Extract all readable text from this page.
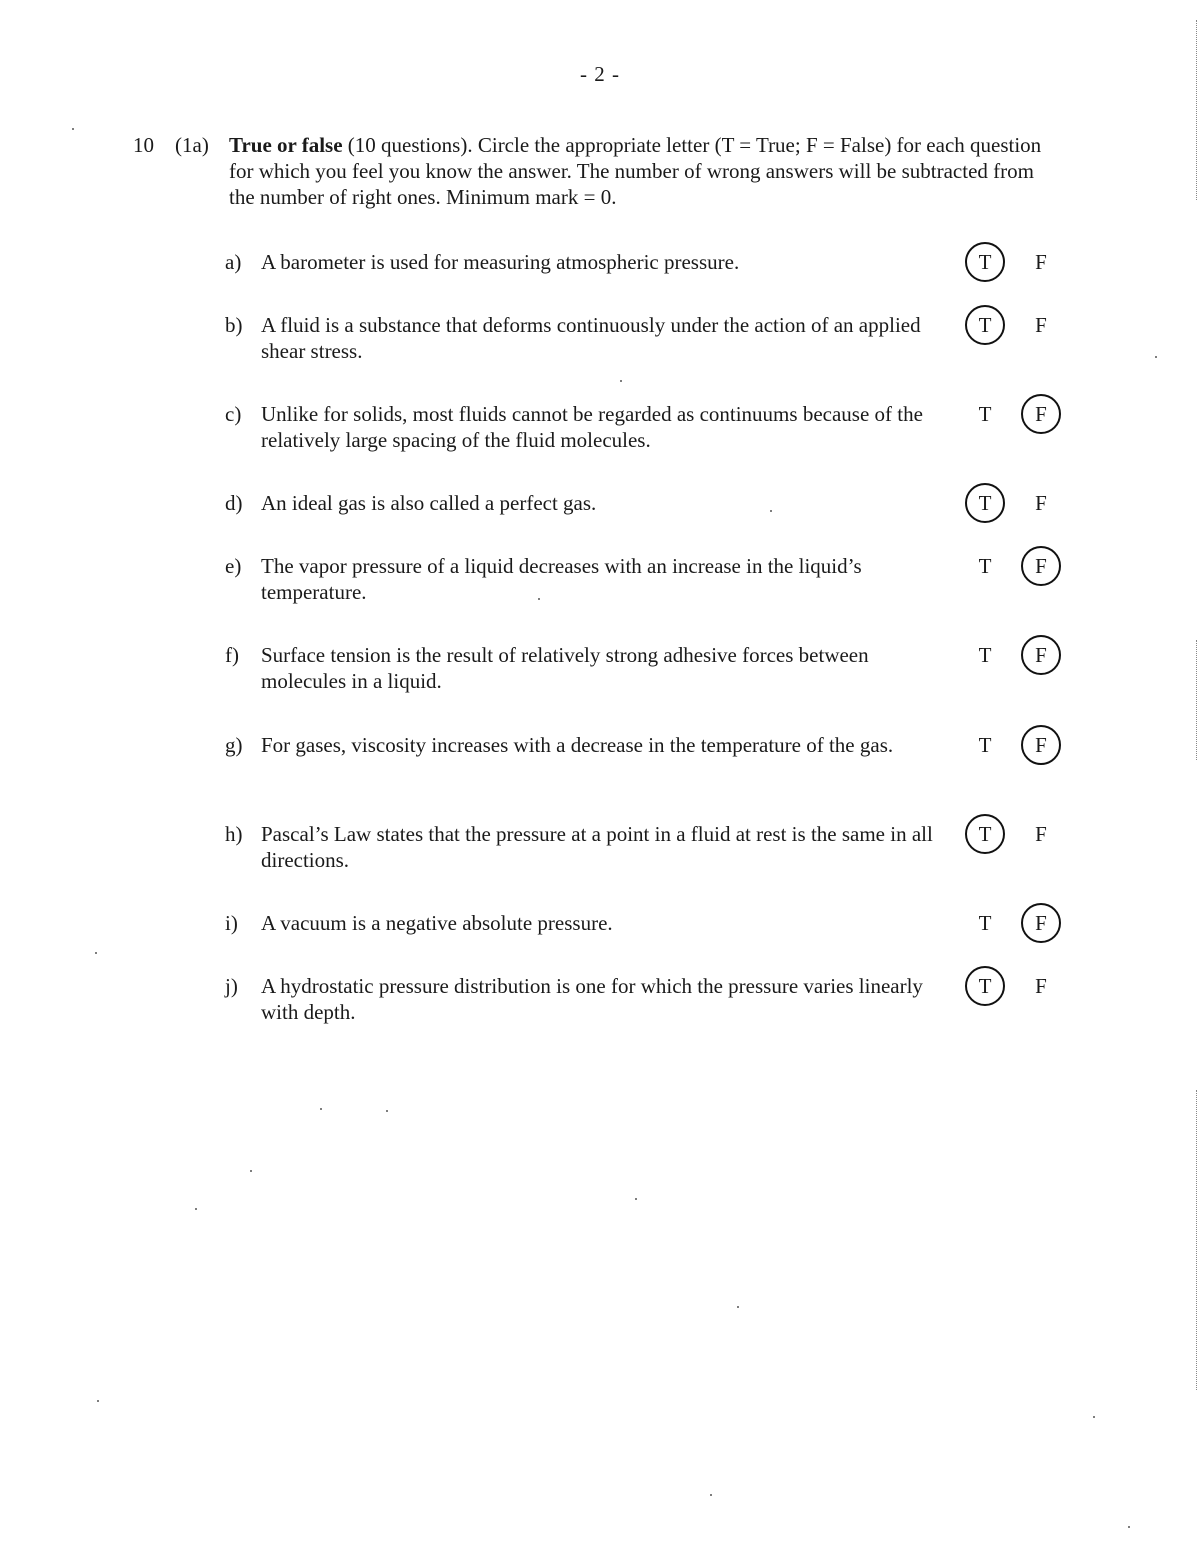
- 2 -
10 (1a) True or false (10 questions). Circle the appropriate letter (T = True; F = False) for each question for which you feel you know the answer. The number of wrong answers will be subtracted from the number of right ones. Minimum mark = 0.
a) A barometer is used for measuring atmospheric pressure.	T	F
b) A fluid is a substance that deforms continuously under the action of an applied shear stress.
T	F
c) Unlike for solids, most fluids cannot be regarded as continuums because of the relatively large spacing of the fluid molecules.
T	F
d) An ideal gas is also called a perfect gas.	T	F
e) The vapor pressure of a liquid decreases with an increase in the liquid’s temperature.
T	F
f) Surface tension is the result of relatively strong adhesive forces between molecules in a liquid.
T	F
g) For gases, viscosity increases with a decrease in the temperature of the gas.	T	F
h) Pascal’s Law states that the pressure at a point in a fluid at rest is the same in all directions.
T	F
i) A vacuum is a negative absolute pressure.	T	F
j) A hydrostatic pressure distribution is one for which the pressure varies linearly with depth.
T	F
